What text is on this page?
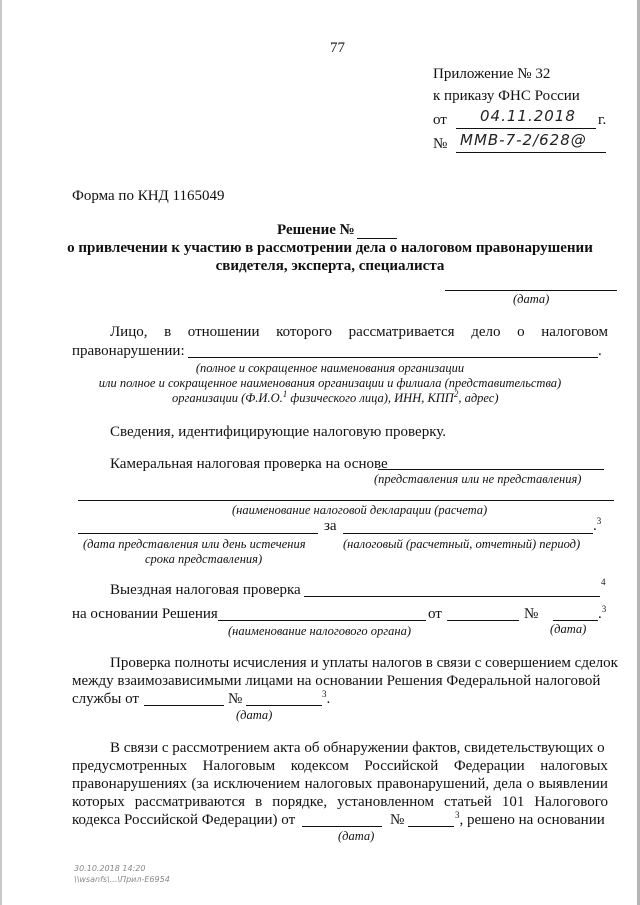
77
Приложение № 32
к приказу ФНС России
от 04.11.2018 г.
№ ММВ-7-2/628@
Форма по КНД 1165049
Решение №
о привлечении к участию в рассмотрении дела о налоговом правонарушении
свидетеля, эксперта, специалиста
(дата)
Лицо, в отношении которого рассматривается дело о налоговом
правонарушении:	.
(полное и сокращенное наименования организации
или полное и сокращенное наименования организации и филиала (представительства)
организации (Ф.И.О.$^1$ физического лица), ИНН, КПП$^2$, адрес)
Сведения, идентифицирующие налоговую проверку.
Камеральная налоговая проверка на основе
(представления или не представления)
(наименование налоговой декларации (расчета)
за	.$^3$
(дата представления или день истечения
срока представления)
(налоговый (расчетный, отчетный) период)
Выездная налоговая проверка	$^4$
на основании Решения	от	№	.$^3$
(наименование налогового органа)	(дата)
Проверка полноты исчисления и уплаты налогов в связи с совершением сделок
между взаимозависимыми лицами на основании Решения Федеральной налоговой
службы от	№	$^3$.
(дата)
В связи с рассмотрением акта об обнаружении фактов, свидетельствующих о
предусмотренных Налоговым кодексом Российской Федерации налоговых
правонарушениях (за исключением налоговых правонарушений, дела о выявлении
которых рассматриваются в порядке, установленном статьей 101 Налогового
кодекса Российской Федерации) от	№	$^3$, решено на основании
(дата)
30.10.2018 14:20
\\wsanfs\...\Прил-Е6954
